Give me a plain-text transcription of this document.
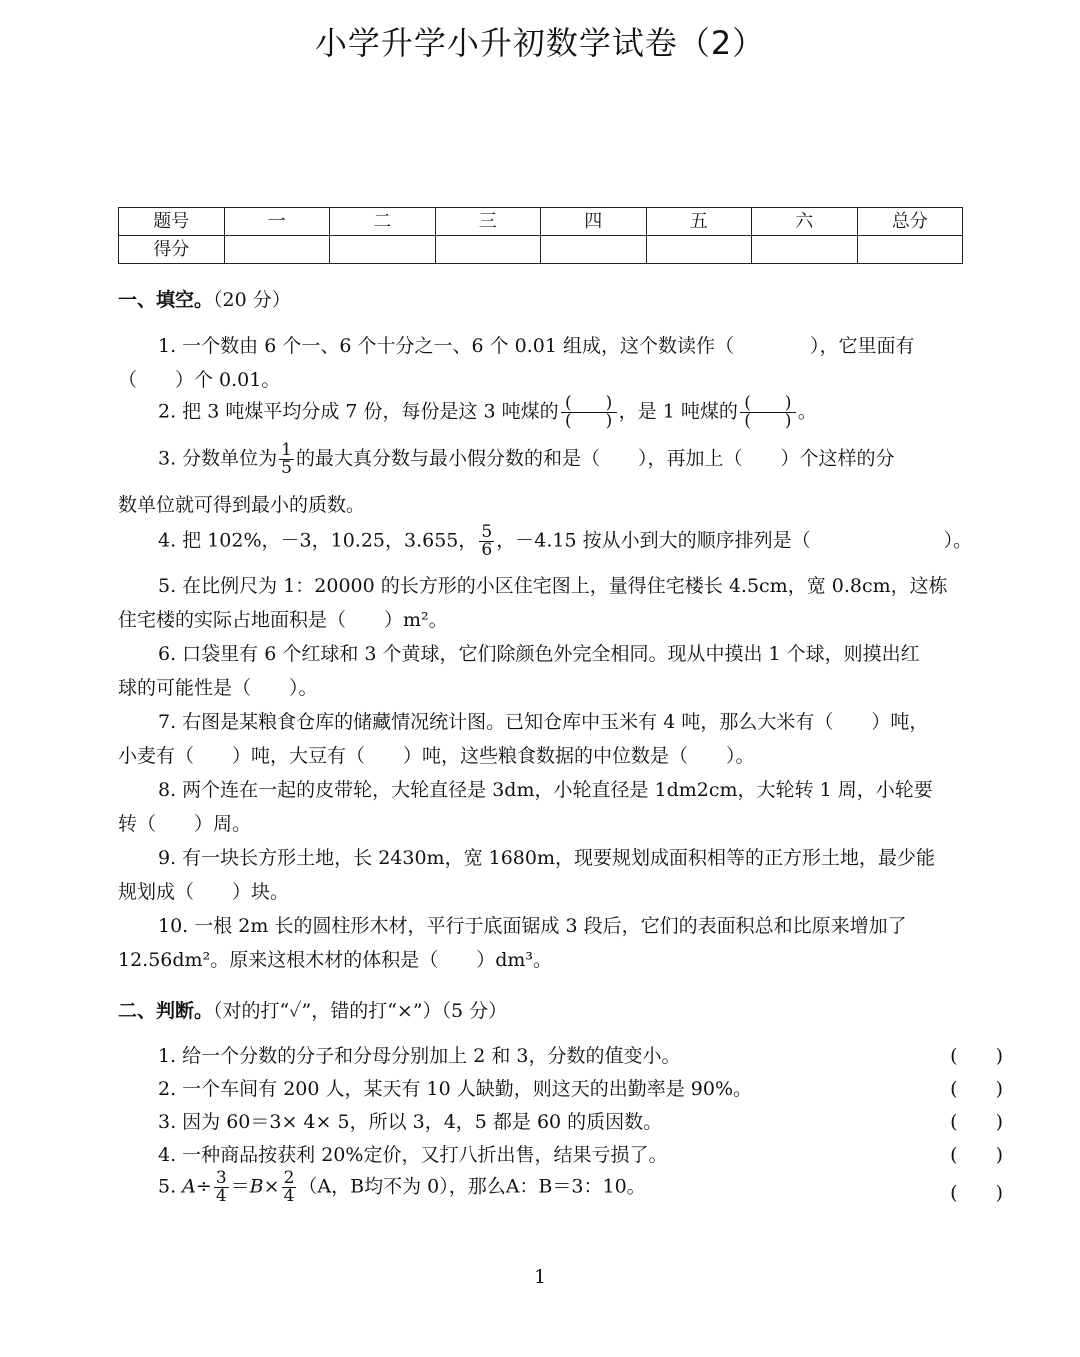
小学升学小升初数学试卷（2）
题号	一	二	三	四	五	六	总分
得分							
一、填空。（20 分）
1. 一个数由 6 个一、6 个十分之一、6 个 0.01 组成，这个数读作（　　　　），它里面有
（　　）个 0.01。
2. 把 3 吨煤平均分成 7 份，每份是这 3 吨煤的 $\frac{( )}{( )}$ ，是 1 吨煤的 $\frac{( )}{( )}$ 。
3. 分数单位为 $\frac{1}{5}$ 的最大真分数与最小假分数的和是（　　），再加上（　　）个这样的分
数单位就可得到最小的质数。
4. 把 102%，－3，10.25，3.655， $\frac{5}{6}$ ，－4.15 按从小到大的顺序排列是（　　　　　　　）。
5. 在比例尺为 1：20000 的长方形的小区住宅图上，量得住宅楼长 4.5cm，宽 0.8cm，这栋
住宅楼的实际占地面积是（　　）m²。
6. 口袋里有 6 个红球和 3 个黄球，它们除颜色外完全相同。现从中摸出 1 个球，则摸出红
球的可能性是（　　）。
7. 右图是某粮食仓库的储藏情况统计图。已知仓库中玉米有 4 吨，那么大米有（　　）吨，
小麦有（　　）吨，大豆有（　　）吨，这些粮食数据的中位数是（　　）。
8. 两个连在一起的皮带轮，大轮直径是 3dm，小轮直径是 1dm2cm，大轮转 1 周，小轮要
转（　　）周。
9. 有一块长方形土地，长 2430m，宽 1680m，现要规划成面积相等的正方形土地，最少能
规划成（　　）块。
10. 一根 2m 长的圆柱形木材，平行于底面锯成 3 段后，它们的表面积总和比原来增加了
12.56dm²。原来这根木材的体积是（　　）dm³。
二、判断。（对的打“✓”，错的打“×”）（5 分）
1. 给一个分数的分子和分母分别加上 2 和 3，分数的值变小。	(　　)
2. 一个车间有 200 人，某天有 10 人缺勤，则这天的出勤率是 90%。	(　　)
3. 因为 60＝3× 4× 5，所以 3，4，5 都是 60 的质因数。	(　　)
4. 一种商品按获利 20%定价，又打八折出售，结果亏损了。	(　　)
5. $A\div \frac{3}{4} =B\times \frac{2}{4} (A$，B均不为 0），那么A：B＝3：10。	(　　)
1
